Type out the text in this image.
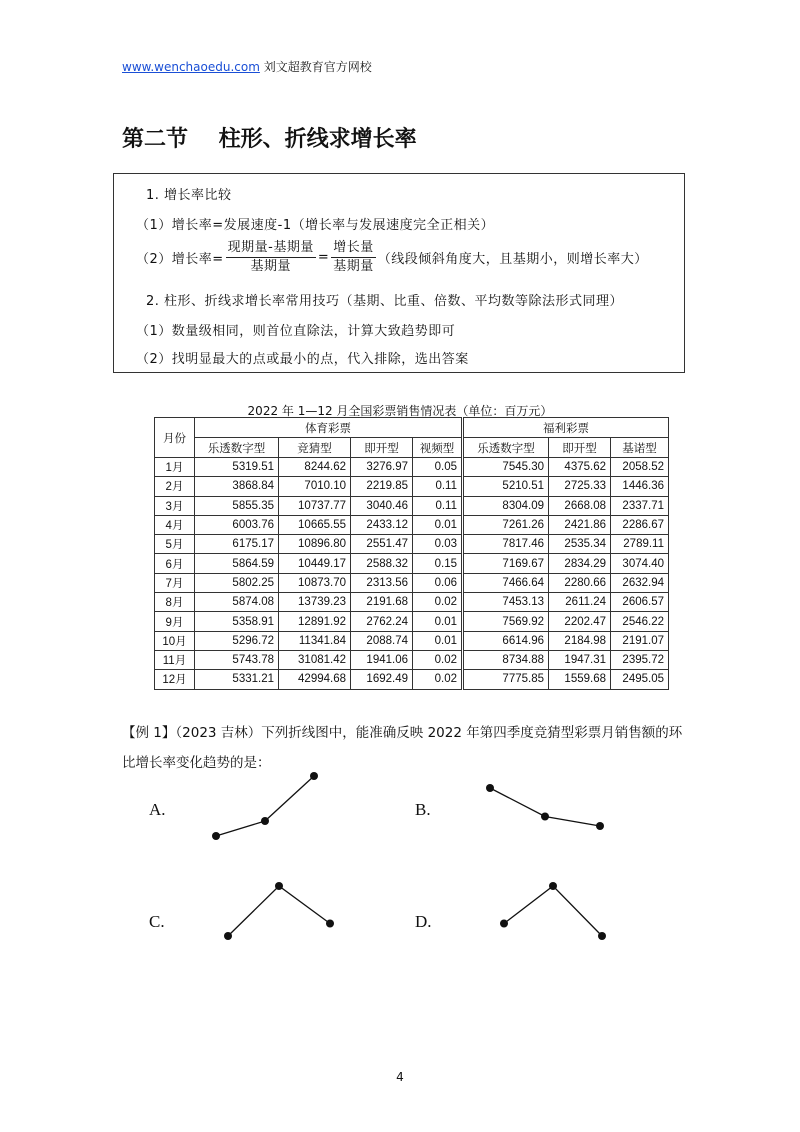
www.wenchaoedu.com 刘文超教育官方网校
第二节    柱形、折线求增长率
1. 增长率比较
（1）增长率=发展速度-1（增长率与发展速度完全正相关）
（2）增长率= $\frac{\text{现期量-基期量}}{\text{基期量}} = \frac{\text{增长量}}{\text{基期量}}$ （线段倾斜角度大，且基期小，则增长率大）
2. 柱形、折线求增长率常用技巧（基期、比重、倍数、平均数等除法形式同理）
（1）数量级相同，则首位直除法，计算大致趋势即可
（2）找明显最大的点或最小的点，代入排除，选出答案
2022 年 1—12 月全国彩票销售情况表（单位：百万元）
月份	体育彩票				福利彩票		
	乐透数字型	竞猜型	即开型	视频型	乐透数字型	即开型	基诺型
1月	5319.51	8244.62	3276.97	0.05	7545.30	4375.62	2058.52
2月	3868.84	7010.10	2219.85	0.11	5210.51	2725.33	1446.36
3月	5855.35	10737.77	3040.46	0.11	8304.09	2668.08	2337.71
4月	6003.76	10665.55	2433.12	0.01	7261.26	2421.86	2286.67
5月	6175.17	10896.80	2551.47	0.03	7817.46	2535.34	2789.11
6月	5864.59	10449.17	2588.32	0.15	7169.67	2834.29	3074.40
7月	5802.25	10873.70	2313.56	0.06	7466.64	2280.66	2632.94
8月	5874.08	13739.23	2191.68	0.02	7453.13	2611.24	2606.57
9月	5358.91	12891.92	2762.24	0.01	7569.92	2202.47	2546.22
10月	5296.72	11341.84	2088.74	0.01	6614.96	2184.98	2191.07
11月	5743.78	31081.42	1941.06	0.02	8734.88	1947.31	2395.72
12月	5331.21	42994.68	1692.49	0.02	7775.85	1559.68	2495.05
【例 1】（2023 吉林）下列折线图中，能准确反映 2022 年第四季度竞猜型彩票月销售额的环比增长率变化趋势的是：
A.	B.
C.	D.
4
